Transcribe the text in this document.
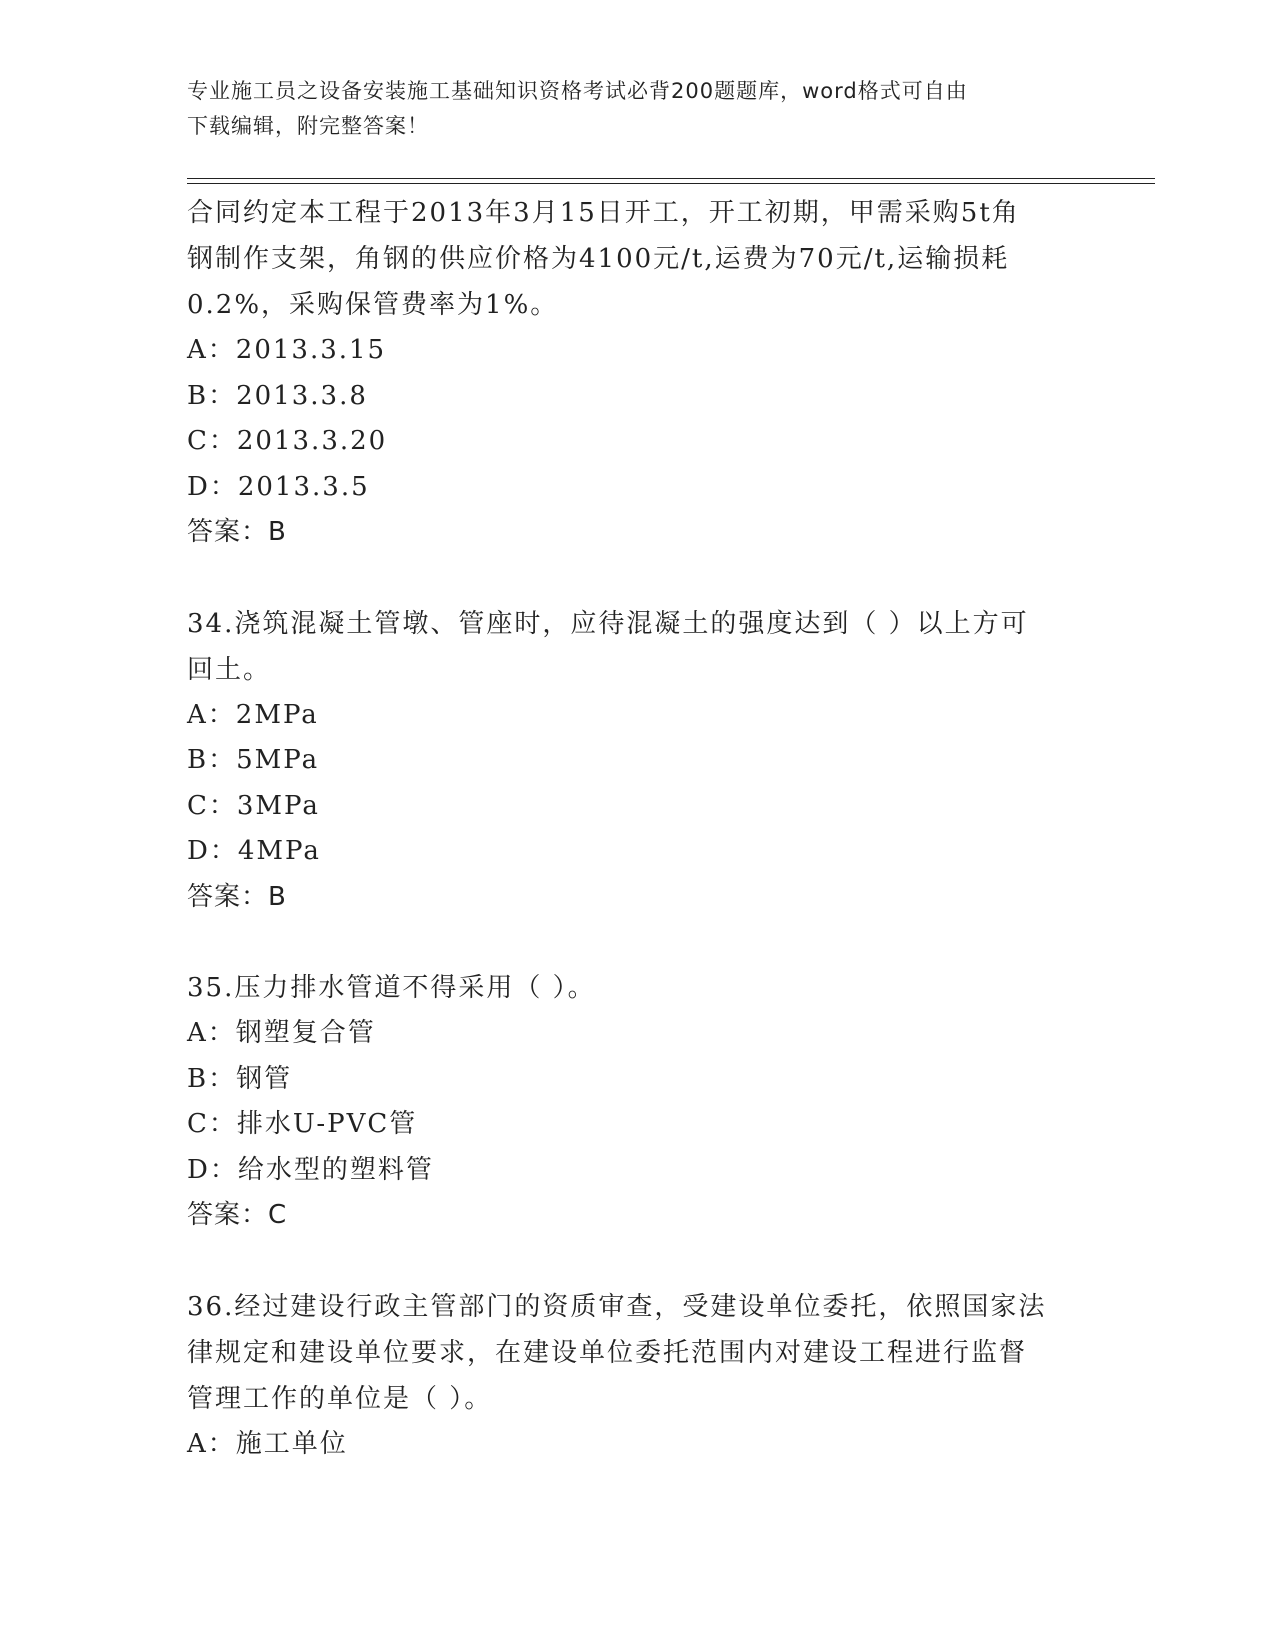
专业施工员之设备安装施工基础知识资格考试必背200题题库，word格式可自由
下载编辑，附完整答案！
合同约定本工程于2013年3月15日开工，开工初期，甲需采购5t角
钢制作支架，角钢的供应价格为4100元/t,运费为70元/t,运输损耗
0.2%，采购保管费率为1%。
A：2013.3.15
B：2013.3.8
C：2013.3.20
D：2013.3.5
答案：B
34.浇筑混凝土管墩、管座时，应待混凝土的强度达到（ ）以上方可
回土。
A：2MPa
B：5MPa
C：3MPa
D：4MPa
答案：B
35.压力排水管道不得采用（ ）。
A：钢塑复合管
B：钢管
C：排水U-PVC管
D：给水型的塑料管
答案：C
36.经过建设行政主管部门的资质审查，受建设单位委托，依照国家法
律规定和建设单位要求，在建设单位委托范围内对建设工程进行监督
管理工作的单位是（ ）。
A：施工单位
